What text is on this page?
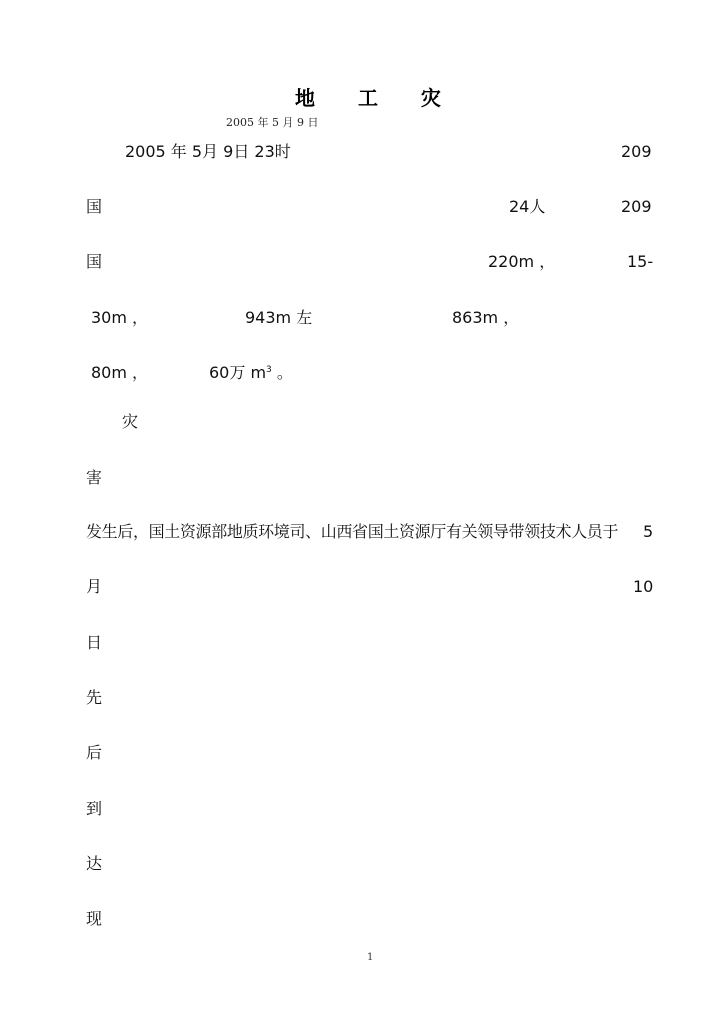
地 工 灾
2005 年 5 月 9 日
2005 年 5月 9日 23时	209
国	24人	209
国	220m ，	15-
30m ，	943m 左	863m ，
80m ，	60万 $m^3$ 。
灾
害
发生后，国土资源部地质环境司、山西省国土资源厅有关领导带领技术人员于 5
月	10
日
先
后
到
达
现
1
